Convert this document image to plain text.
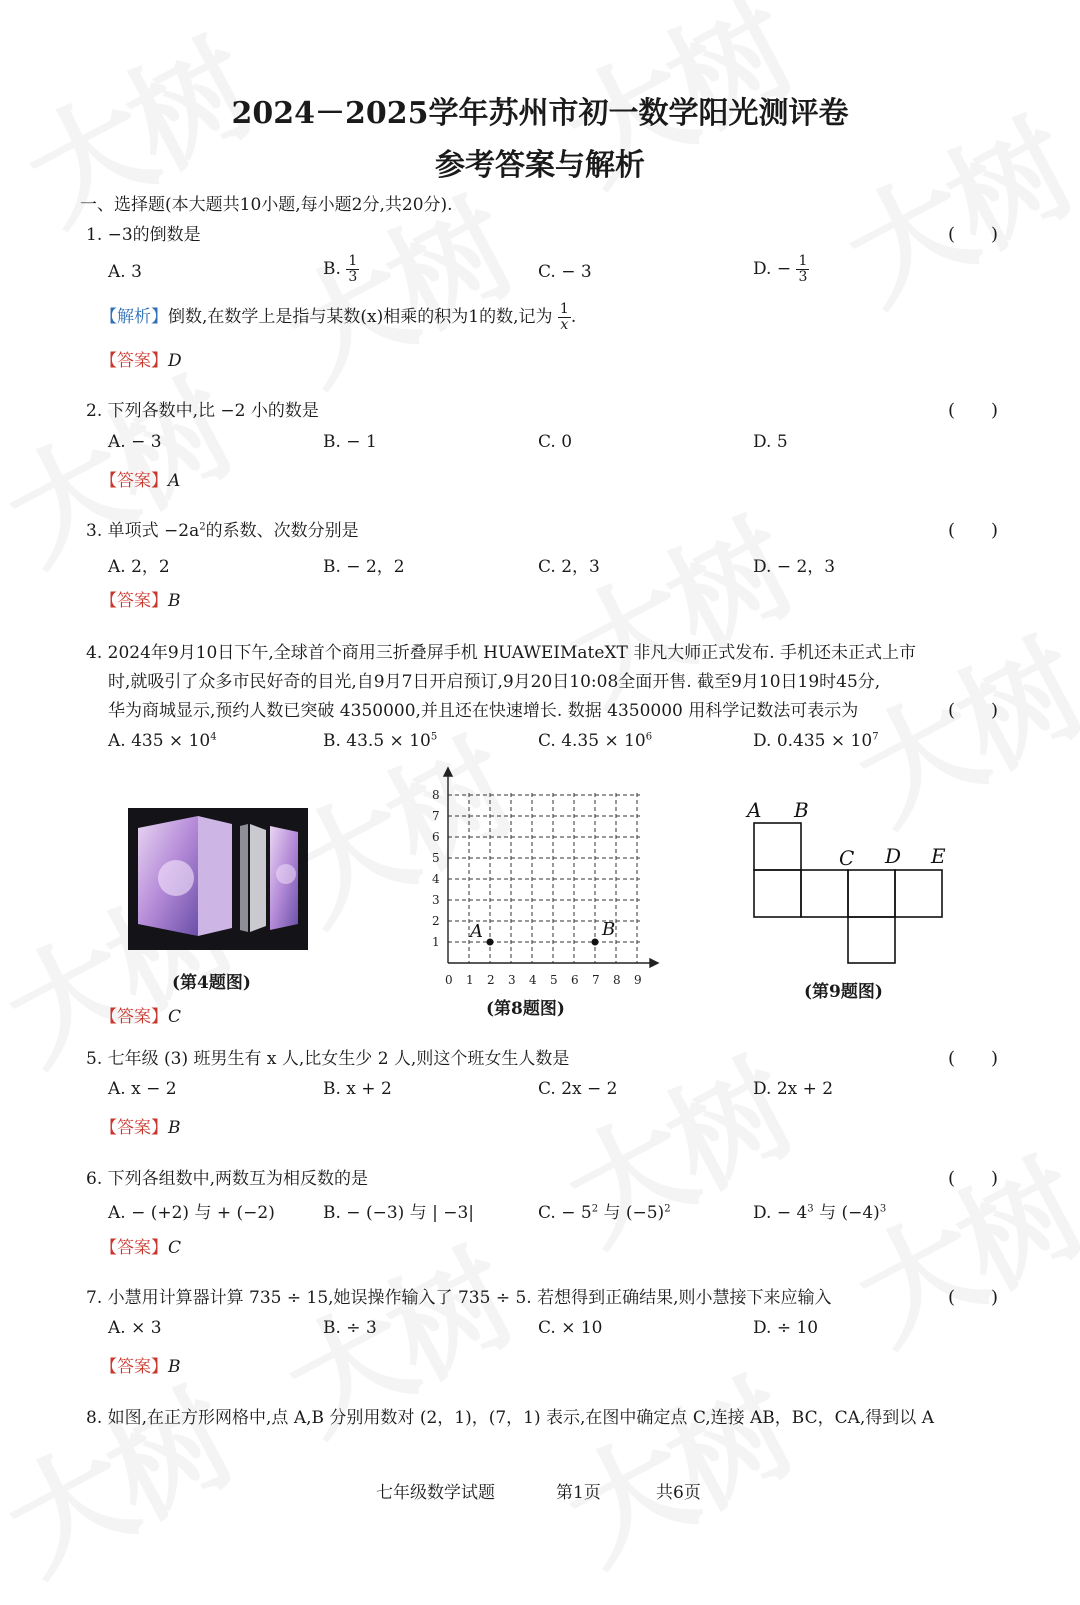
2024－2025学年苏州市初一数学阳光测评卷
参考答案与解析
一、选择题(本大题共10小题,每小题2分,共20分).
1. −3的倒数是	(　　)
A. 3	B. $\frac{1}{3}$	C. − 3	D. − $\frac{1}{3}$
【解析】倒数,在数学上是指与某数(x)相乘的积为1的数,记为 $\frac{1}{x}$ .
【答案】D
2. 下列各数中,比 −2 小的数是	(　　)
A. − 3	B. − 1	C. 0	D. 5
【答案】A
3. 单项式 $-2a^2$的系数、次数分别是	(　　)
A. 2，2	B. − 2，2	C. 2，3	D. − 2，3
【答案】B
4. 2024年9月10日下午,全球首个商用三折叠屏手机 HUAWEIMateXT 非凡大师正式发布. 手机还未正式上市
时,就吸引了众多市民好奇的目光,自9月7日开启预订,9月20日10:08全面开售. 截至9月10日19时45分,
华为商城显示,预约人数已突破 4350000,并且还在快速增长. 数据 4350000 用科学记数法可表示为	(　　)
A. $435 \times 10^4$	B. $43.5 \times 10^5$	C. $4.35 \times 10^6$	D. $0.435 \times 10^7$
(第4题图)
1
2
3
4
5
6
7
8
0 1 2 3 4 5 6 7 8 9
A	B
(第8题图)
A B
C D E
(第9题图)
【答案】C
5. 七年级 (3) 班男生有 x 人,比女生少 2 人,则这个班女生人数是	(　　)
A. x − 2	B. x + 2	C. 2x − 2	D. 2x + 2
【答案】B
6. 下列各组数中,两数互为相反数的是	(　　)
A. − (+2) 与 + (−2)	B. − (−3) 与 | −3|	C. − $5^2$ 与 $(-5)^2$	D. − $4^3$ 与 $(-4)^3$
【答案】C
7. 小慧用计算器计算 735 ÷ 15,她误操作输入了 735 ÷ 5. 若想得到正确结果,则小慧接下来应输入	(　　)
A. × 3	B. ÷ 3	C. × 10	D. ÷ 10
【答案】B
8. 如图,在正方形网格中,点 A,B 分别用数对 (2，1)，(7，1) 表示,在图中确定点 C,连接 AB，BC，CA,得到以 A
七年级数学试题	第1页	共6页
